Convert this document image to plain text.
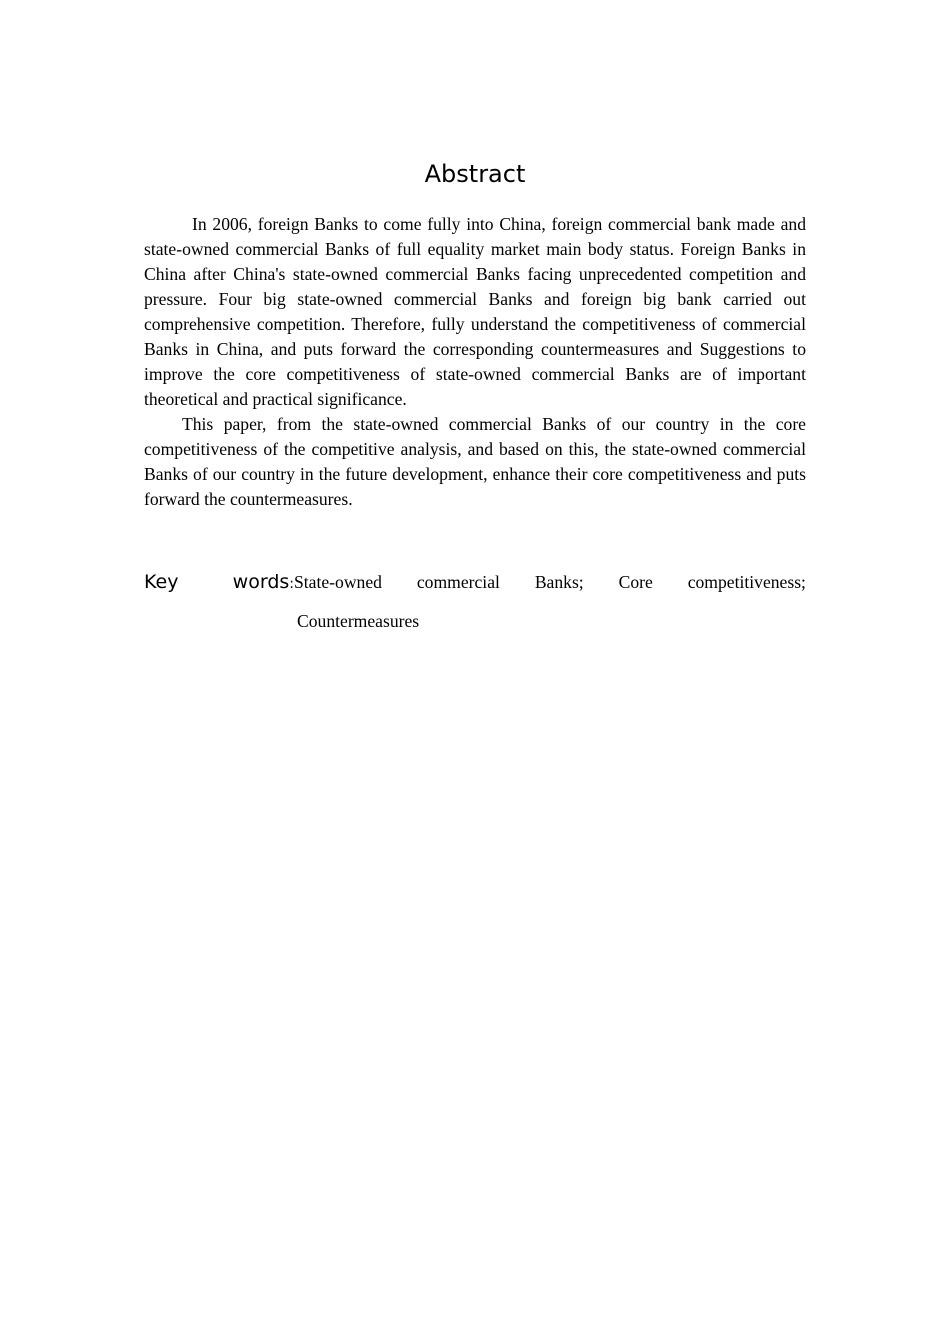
Abstract

In 2006, foreign Banks to come fully into China, foreign commercial bank made and state-owned commercial Banks of full equality market main body status. Foreign Banks in China after China's state-owned commercial Banks facing unprecedented competition and pressure. Four big state-owned commercial Banks and foreign big bank carried out comprehensive competition. Therefore, fully understand the competitiveness of commercial Banks in China, and puts forward the corresponding countermeasures and Suggestions to improve the core competitiveness of state-owned commercial Banks are of important theoretical and practical significance.

This paper, from the state-owned commercial Banks of our country in the core competitiveness of the competitive analysis, and based on this, the state-owned commercial Banks of our country in the future development, enhance their core competitiveness and puts forward the countermeasures.

Key	words: State-owned commercial Banks; Core competitiveness;
Countermeasures
